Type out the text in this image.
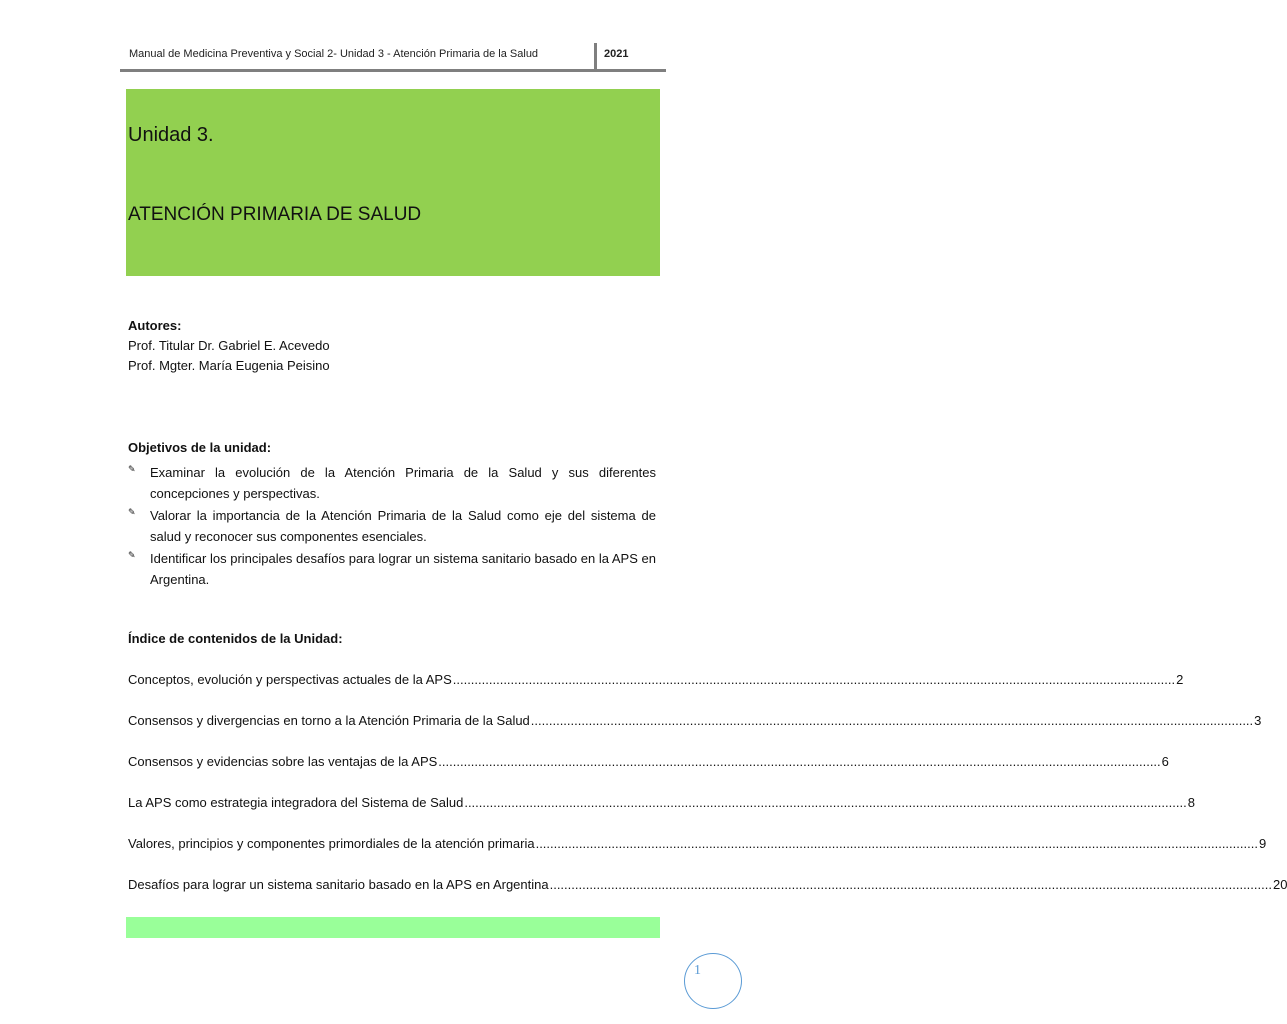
Manual de Medicina Preventiva y Social 2- Unidad 3 - Atención Primaria de la Salud	2021
Unidad 3.
ATENCIÓN PRIMARIA DE SALUD
Autores:
Prof. Titular Dr. Gabriel E. Acevedo
Prof. Mgter. María Eugenia Peisino
Objetivos de la unidad:
✎ Examinar la evolución de la Atención Primaria de la Salud y sus diferentes concepciones y perspectivas.
✎ Valorar la importancia de la Atención Primaria de la Salud como eje del sistema de salud y reconocer sus componentes esenciales.
✎ Identificar los principales desafíos para lograr un sistema sanitario basado en la APS en Argentina.
Índice de contenidos de la Unidad:
Conceptos, evolución y perspectivas actuales de la APS ........................................................................................................................................................................................................ 2
Consensos y divergencias en torno a la Atención Primaria de la Salud ........................................................................................................................................................................................................ 3
Consensos y evidencias sobre las ventajas de la APS ........................................................................................................................................................................................................ 6
La APS como estrategia integradora del Sistema de Salud ........................................................................................................................................................................................................ 8
Valores, principios y componentes primordiales de la atención primaria ........................................................................................................................................................................................................ 9
Desafíos para lograr un sistema sanitario basado en la APS en Argentina ........................................................................................................................................................................................................ 20
1
